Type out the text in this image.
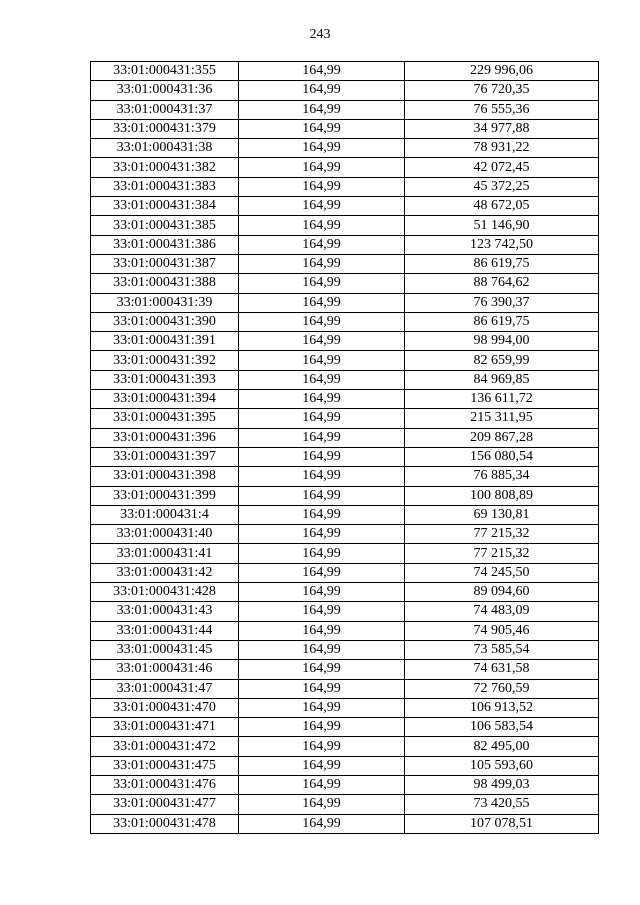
243
33:01:000431:355	164,99	229 996,06
33:01:000431:36	164,99	76 720,35
33:01:000431:37	164,99	76 555,36
33:01:000431:379	164,99	34 977,88
33:01:000431:38	164,99	78 931,22
33:01:000431:382	164,99	42 072,45
33:01:000431:383	164,99	45 372,25
33:01:000431:384	164,99	48 672,05
33:01:000431:385	164,99	51 146,90
33:01:000431:386	164,99	123 742,50
33:01:000431:387	164,99	86 619,75
33:01:000431:388	164,99	88 764,62
33:01:000431:39	164,99	76 390,37
33:01:000431:390	164,99	86 619,75
33:01:000431:391	164,99	98 994,00
33:01:000431:392	164,99	82 659,99
33:01:000431:393	164,99	84 969,85
33:01:000431:394	164,99	136 611,72
33:01:000431:395	164,99	215 311,95
33:01:000431:396	164,99	209 867,28
33:01:000431:397	164,99	156 080,54
33:01:000431:398	164,99	76 885,34
33:01:000431:399	164,99	100 808,89
33:01:000431:4	164,99	69 130,81
33:01:000431:40	164,99	77 215,32
33:01:000431:41	164,99	77 215,32
33:01:000431:42	164,99	74 245,50
33:01:000431:428	164,99	89 094,60
33:01:000431:43	164,99	74 483,09
33:01:000431:44	164,99	74 905,46
33:01:000431:45	164,99	73 585,54
33:01:000431:46	164,99	74 631,58
33:01:000431:47	164,99	72 760,59
33:01:000431:470	164,99	106 913,52
33:01:000431:471	164,99	106 583,54
33:01:000431:472	164,99	82 495,00
33:01:000431:475	164,99	105 593,60
33:01:000431:476	164,99	98 499,03
33:01:000431:477	164,99	73 420,55
33:01:000431:478	164,99	107 078,51
